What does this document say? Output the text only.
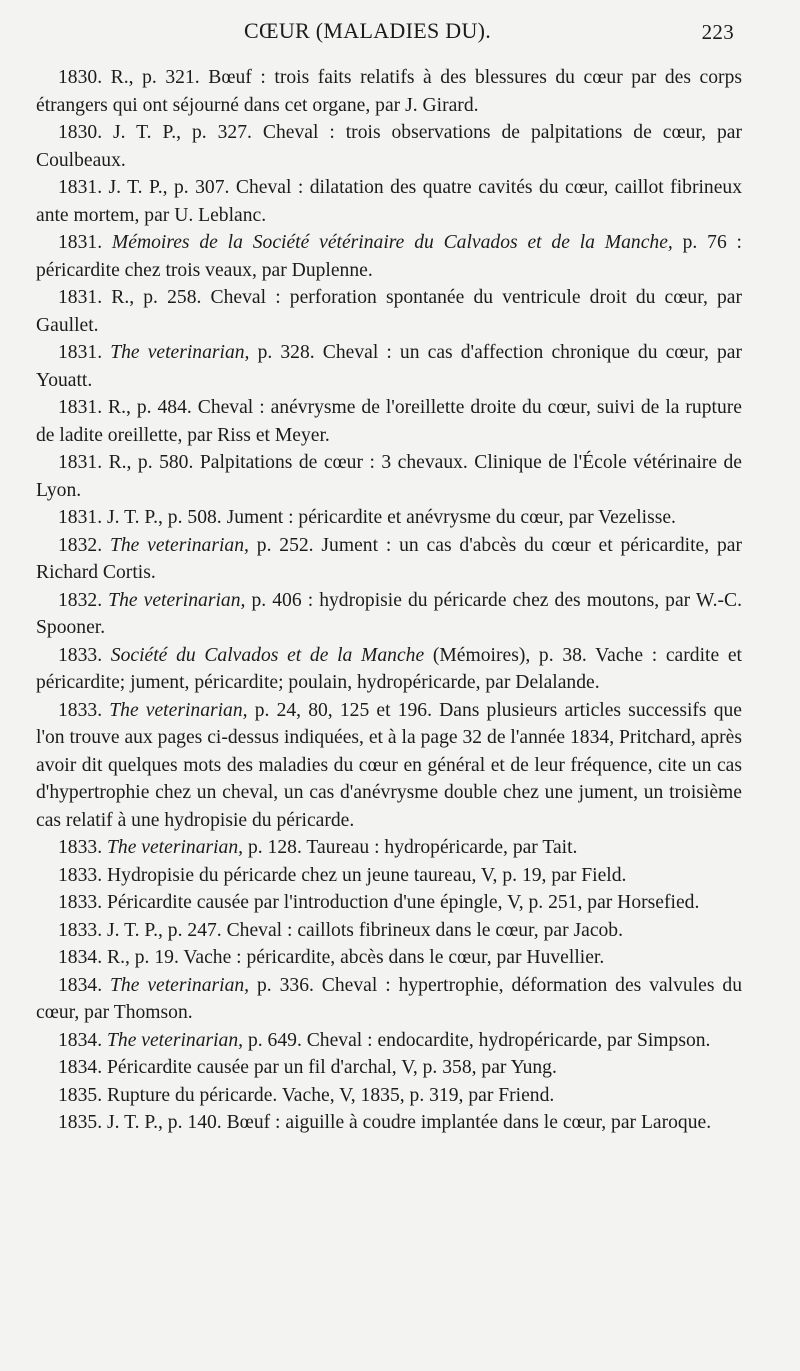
CŒUR (MALADIES DU).	223

1830. R., p. 321. Bœuf : trois faits relatifs à des blessures du cœur par des corps étrangers qui ont séjourné dans cet organe, par J. Girard.

1830. J. T. P., p. 327. Cheval : trois observations de palpitations de cœur, par Coulbeaux.

1831. J. T. P., p. 307. Cheval : dilatation des quatre cavités du cœur, caillot fibrineux ante mortem, par U. Leblanc.

1831. Mémoires de la Société vétérinaire du Calvados et de la Manche, p. 76 : péricardite chez trois veaux, par Duplenne.

1831. R., p. 258. Cheval : perforation spontanée du ventricule droit du cœur, par Gaullet.

1831. The veterinarian, p. 328. Cheval : un cas d'affection chronique du cœur, par Youatt.

1831. R., p. 484. Cheval : anévrysme de l'oreillette droite du cœur, suivi de la rupture de ladite oreillette, par Riss et Meyer.

1831. R., p. 580. Palpitations de cœur : 3 chevaux. Clinique de l'École vétérinaire de Lyon.

1831. J. T. P., p. 508. Jument : péricardite et anévrysme du cœur, par Vezelisse.

1832. The veterinarian, p. 252. Jument : un cas d'abcès du cœur et péricardite, par Richard Cortis.

1832. The veterinarian, p. 406 : hydropisie du péricarde chez des moutons, par W.-C. Spooner.

1833. Société du Calvados et de la Manche (Mémoires), p. 38. Vache : cardite et péricardite; jument, péricardite; poulain, hydropéricarde, par Delalande.

1833. The veterinarian, p. 24, 80, 125 et 196. Dans plusieurs articles successifs que l'on trouve aux pages ci-dessus indiquées, et à la page 32 de l'année 1834, Pritchard, après avoir dit quelques mots des maladies du cœur en général et de leur fréquence, cite un cas d'hypertrophie chez un cheval, un cas d'anévrysme double chez une jument, un troisième cas relatif à une hydropisie du péricarde.

1833. The veterinarian, p. 128. Taureau : hydropéricarde, par Tait.

1833. Hydropisie du péricarde chez un jeune taureau, V, p. 19, par Field.

1833. Péricardite causée par l'introduction d'une épingle, V, p. 251, par Horsefied.

1833. J. T. P., p. 247. Cheval : caillots fibrineux dans le cœur, par Jacob.

1834. R., p. 19. Vache : péricardite, abcès dans le cœur, par Huvellier.

1834. The veterinarian, p. 336. Cheval : hypertrophie, déformation des valvules du cœur, par Thomson.

1834. The veterinarian, p. 649. Cheval : endocardite, hydropéricarde, par Simpson.

1834. Péricardite causée par un fil d'archal, V, p. 358, par Yung.

1835. Rupture du péricarde. Vache, V, 1835, p. 319, par Friend.

1835. J. T. P., p. 140. Bœuf : aiguille à coudre implantée dans le cœur, par Laroque.
